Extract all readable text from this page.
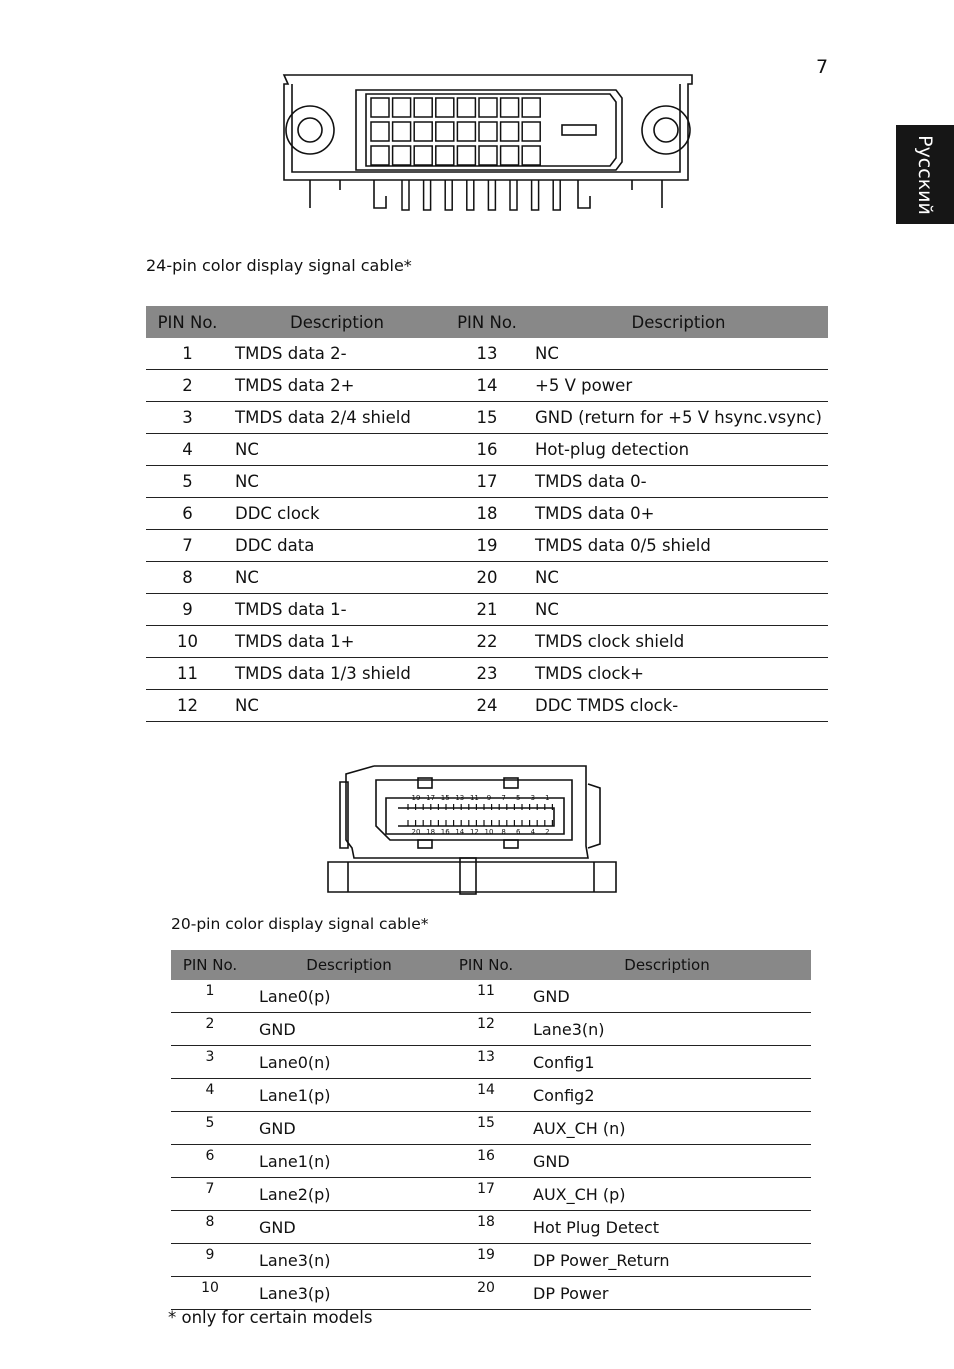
7
Русский
24-pin color display signal cable*
PIN No.	Description	PIN No.	Description
1	TMDS data 2-	13	NC
2	TMDS data 2+	14	+5 V power
3	TMDS data 2/4 shield	15	GND (return for +5 V hsync.vsync)
4	NC	16	Hot-plug detection
5	NC	17	TMDS data 0-
6	DDC clock	18	TMDS data 0+
7	DDC data	19	TMDS data 0/5 shield
8	NC	20	NC
9	TMDS data 1-	21	NC
10	TMDS data 1+	22	TMDS clock shield
11	TMDS data 1/3 shield	23	TMDS clock+
12	NC	24	DDC TMDS clock-
19 17 15 13 11 9 7 5 3 1
20 18 16 14 12 10 8 6 4 2
20-pin color display signal cable*
PIN No.	Description	PIN No.	Description
1	Lane0(p)	11	GND
2	GND	12	Lane3(n)
3	Lane0(n)	13	Config1
4	Lane1(p)	14	Config2
5	GND	15	AUX_CH (n)
6	Lane1(n)	16	GND
7	Lane2(p)	17	AUX_CH (p)
8	GND	18	Hot Plug Detect
9	Lane3(n)	19	DP Power_Return
10	Lane3(p)	20	DP Power
* only for certain models
